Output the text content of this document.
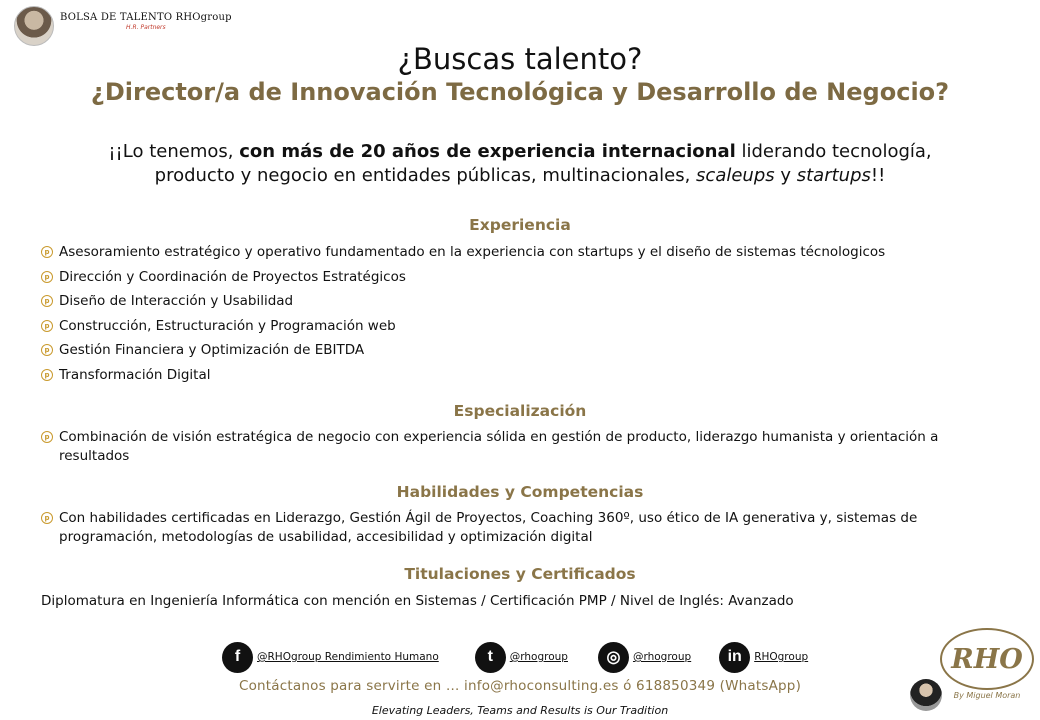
BOLSA DE TALENTO RHOgroup
H.R. Partners
¿Buscas talento?
¿Director/a de Innovación Tecnológica y Desarrollo de Negocio?
¡¡Lo tenemos, con más de 20 años de experiencia internacional liderando tecnología, producto y negocio en entidades públicas, multinacionales, scaleups y startups!!
Experiencia
p Asesoramiento estratégico y operativo fundamentado en la experiencia con startups y el diseño de sistemas técnologicos
p Dirección y Coordinación de Proyectos Estratégicos
p Diseño de Interacción y Usabilidad
p Construcción, Estructuración y Programación web
p Gestión Financiera y Optimización de EBITDA
p Transformación Digital
Especialización
p Combinación de visión estratégica de negocio con experiencia sólida en gestión de producto, liderazgo humanista y orientación a resultados
Habilidades y Competencias
p Con habilidades certificadas en Liderazgo, Gestión Ágil de Proyectos, Coaching 360º, uso ético de IA generativa y, sistemas de programación, metodologías de usabilidad, accesibilidad y optimización digital
Titulaciones y Certificados
Diplomatura en Ingeniería Informática con mención en Sistemas / Certificación PMP / Nivel de Inglés: Avanzado
f	@RHOgroup Rendimiento Humano	t	@rhogroup	◎	@rhogroup	in	RHOgroup
Contáctanos para servirte en … info@rhoconsulting.es ó 618850349 (WhatsApp)
Elevating Leaders, Teams and Results is Our Tradition
RHO
By Miguel Moran
